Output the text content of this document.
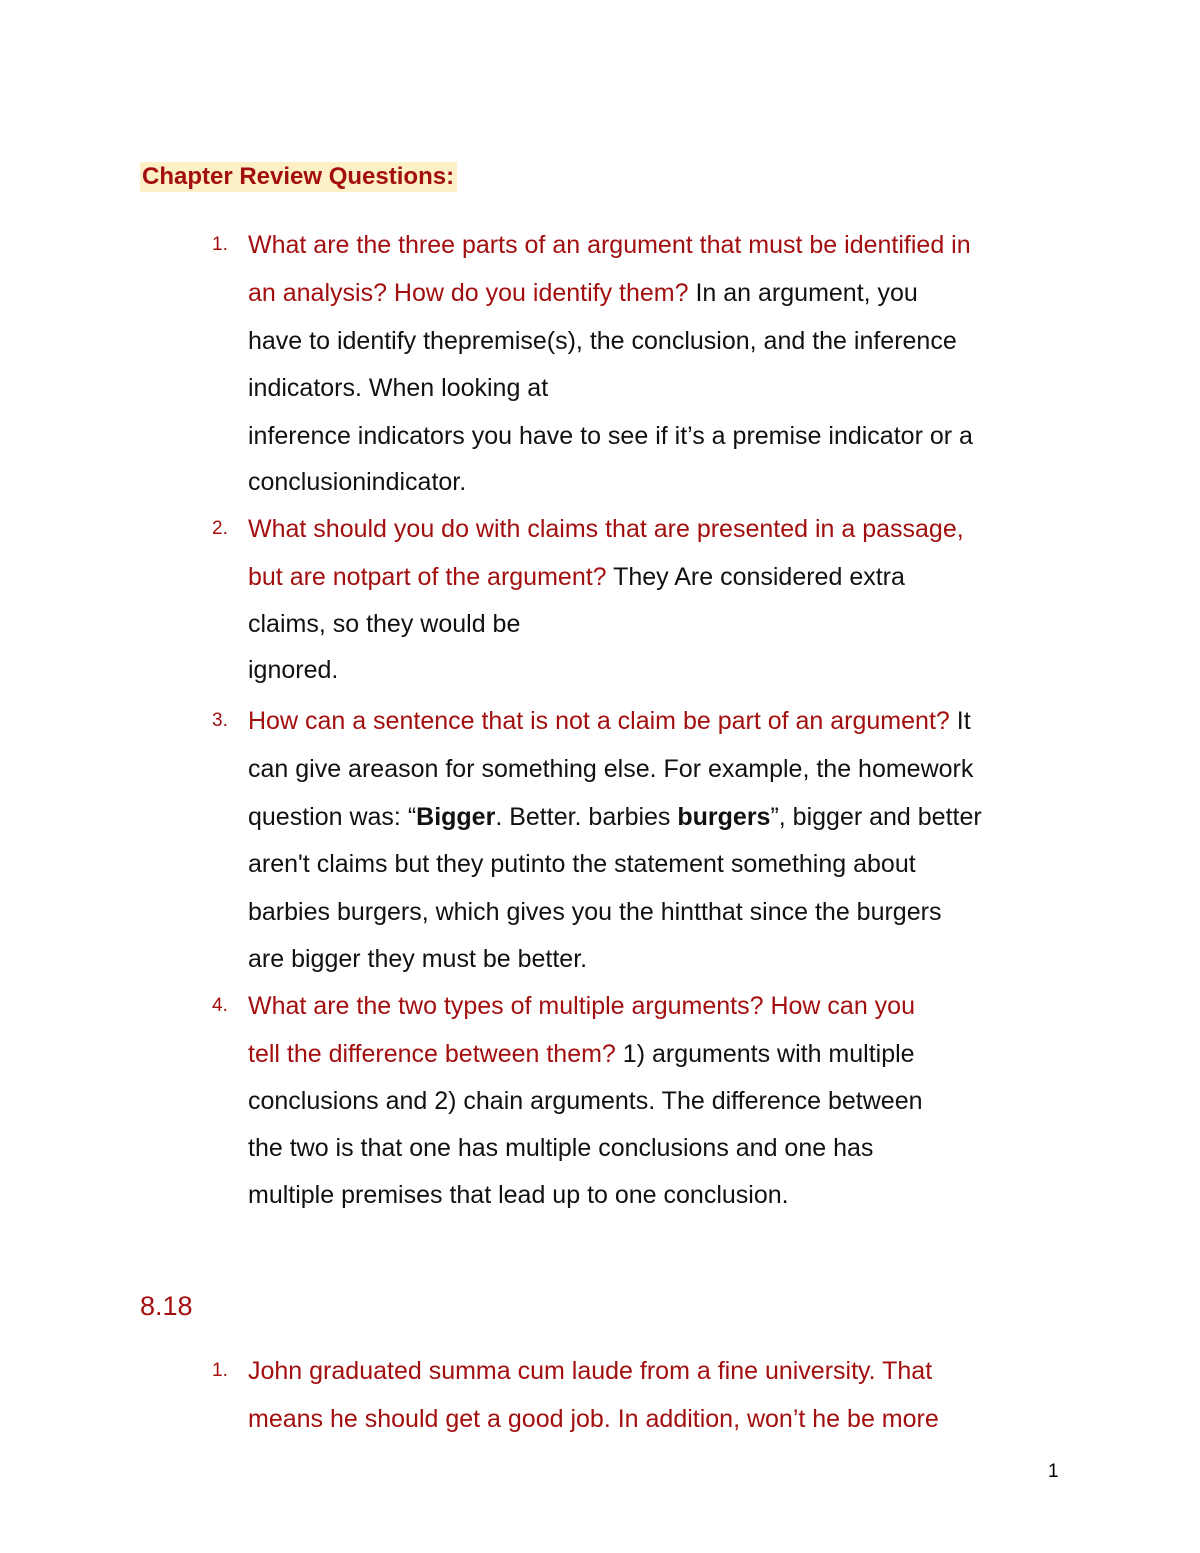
Chapter Review Questions:
1. What are the three parts of an argument that must be identified in
an analysis? How do you identify them? In an argument, you
have to identify thepremise(s), the conclusion, and the inference
indicators. When looking at
inference indicators you have to see if it’s a premise indicator or a
conclusionindicator.
2. What should you do with claims that are presented in a passage,
but are notpart of the argument? They Are considered extra
claims, so they would be
ignored.
3. How can a sentence that is not a claim be part of an argument? It
can give areason for something else. For example, the homework
question was: “Bigger. Better. barbies burgers”, bigger and better
aren't claims but they putinto the statement something about
barbies burgers, which gives you the hintthat since the burgers
are bigger they must be better.
4. What are the two types of multiple arguments? How can you
tell the difference between them? 1) arguments with multiple
conclusions and 2) chain arguments. The difference between
the two is that one has multiple conclusions and one has
multiple premises that lead up to one conclusion.
8.18
1. John graduated summa cum laude from a fine university. That
means he should get a good job. In addition, won’t he be more
1
